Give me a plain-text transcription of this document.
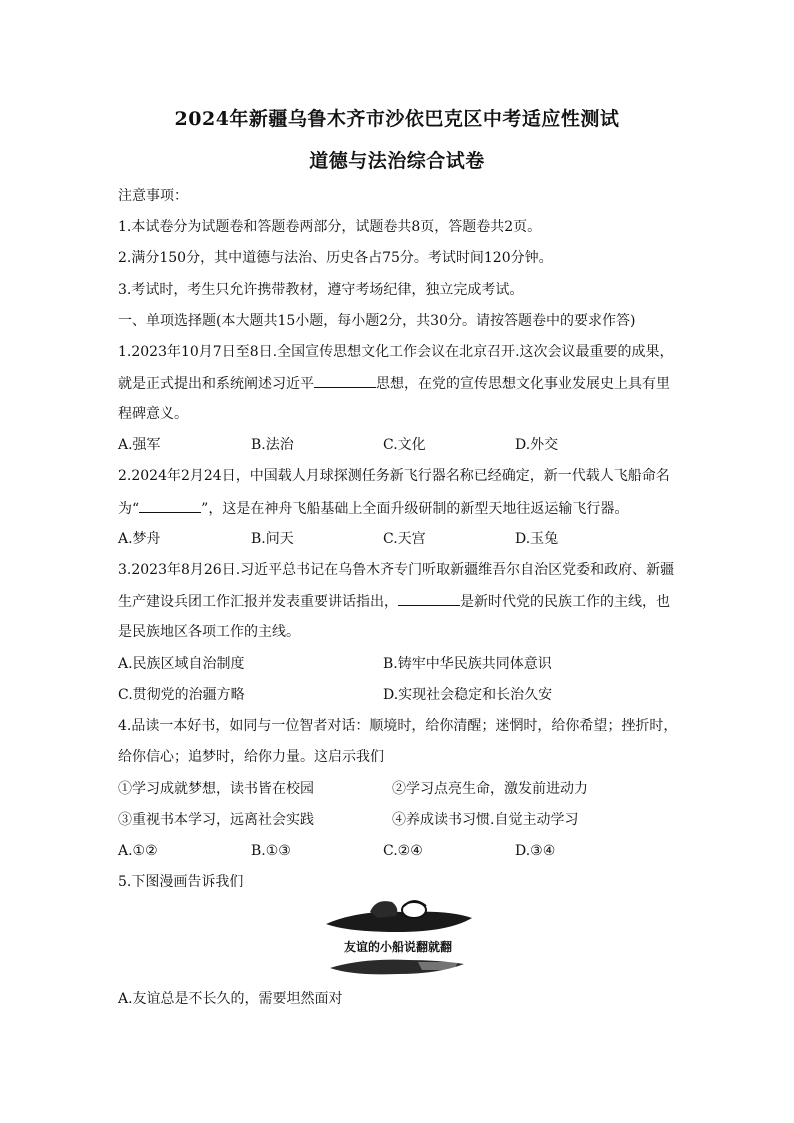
2024年新疆乌鲁木齐市沙依巴克区中考适应性测试
道德与法治综合试卷
注意事项：
1.本试卷分为试题卷和答题卷两部分，试题卷共8页，答题卷共2页。
2.满分150分，其中道德与法治、历史各占75分。考试时间120分钟。
3.考试时，考生只允许携带教材，遵守考场纪律，独立完成考试。
一、单项选择题(本大题共15小题，每小题2分，共30分。请按答题卷中的要求作答)
1.2023年10月7日至8日.全国宣传思想文化工作会议在北京召开.这次会议最重要的成果，
就是正式提出和系统阐述习近平	思想，在党的宣传思想文化事业发展史上具有里
程碑意义。
A.强军	B.法治	C.文化	D.外交
2.2024年2月24日，中国载人月球探测任务新飞行器名称已经确定，新一代载人飞船命名
为“	”，这是在神舟飞船基础上全面升级研制的新型天地往返运输飞行器。
A.梦舟	B.问天	C.天宫	D.玉兔
3.2023年8月26日.习近平总书记在乌鲁木齐专门听取新疆维吾尔自治区党委和政府、新疆
生产建设兵团工作汇报并发表重要讲话指出，	是新时代党的民族工作的主线，也
是民族地区各项工作的主线。
A.民族区域自治制度	B.铸牢中华民族共同体意识
C.贯彻党的治疆方略	D.实现社会稳定和长治久安
4.品读一本好书，如同与一位智者对话：顺境时，给你清醒；迷惘时，给你希望；挫折时，
给你信心；追梦时，给你力量。这启示我们
①学习成就梦想，读书皆在校园	②学习点亮生命，激发前进动力
③重视书本学习，远离社会实践	④养成读书习惯.自觉主动学习
A.①②	B.①③	C.②④	D.③④
5.下图漫画告诉我们
友谊的小船说翻就翻
A.友谊总是不长久的，需要坦然面对
